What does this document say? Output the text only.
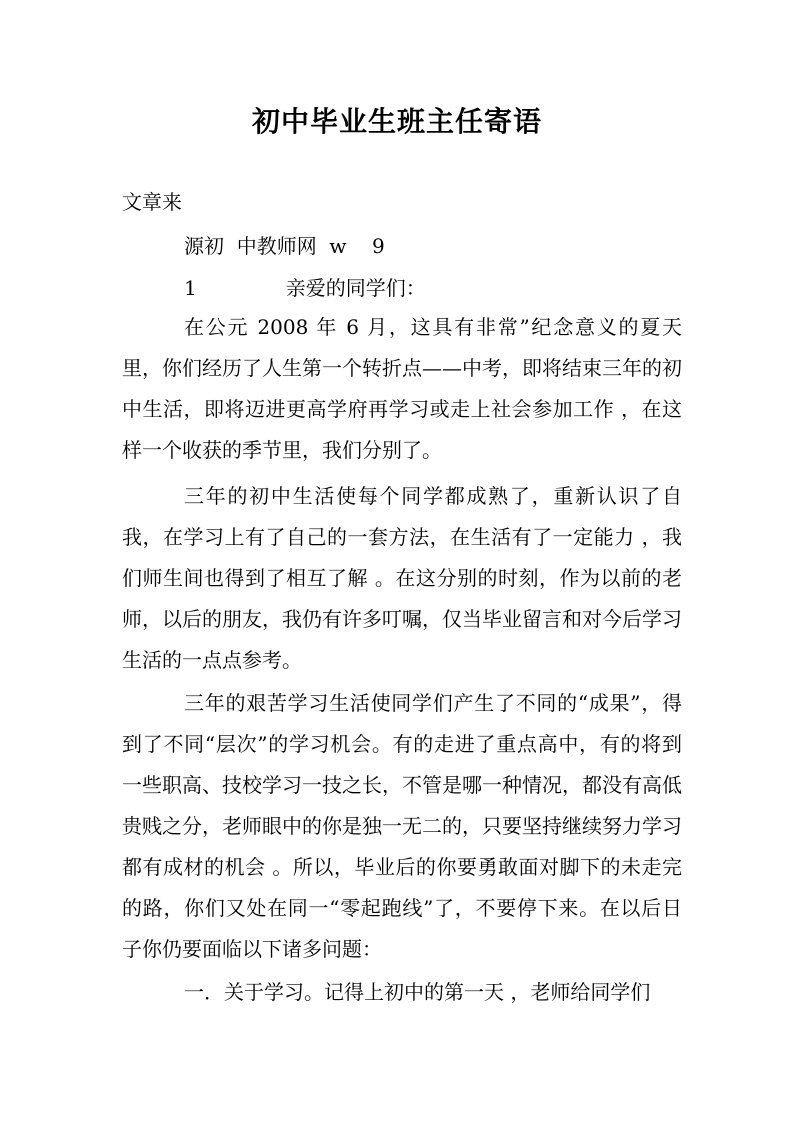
初中毕业生班主任寄语
文章来
源初  中教师网  w    9
1              亲爱的同学们：

在公元 2008 年 6 月，这具有非常”纪念意义的夏天里，你们经历了人生第一个转折点——中考，即将结束三年的初中生活，即将迈进更高学府再学习或走上社会参加工作 ，在这样一个收获的季节里，我们分别了。

三年的初中生活使每个同学都成熟了，重新认识了自我，在学习上有了自己的一套方法，在生活有了一定能力 ，我们师生间也得到了相互了解 。在这分别的时刻，作为以前的老师，以后的朋友，我仍有许多叮嘱，仅当毕业留言和对今后学习生活的一点点参考。

三年的艰苦学习生活使同学们产生了不同的“成果”，得到了不同“层次”的学习机会。有的走进了重点高中，有的将到一些职高、技校学习一技之长，不管是哪一种情况，都没有高低贵贱之分，老师眼中的你是独一无二的，只要坚持继续努力学习都有成材的机会 。所以，毕业后的你要勇敢面对脚下的未走完的路，你们又处在同一“零起跑线”了，不要停下来。在以后日子你仍要面临以下诸多问题：

一．关于学习。记得上初中的第一天 ，老师给同学们
